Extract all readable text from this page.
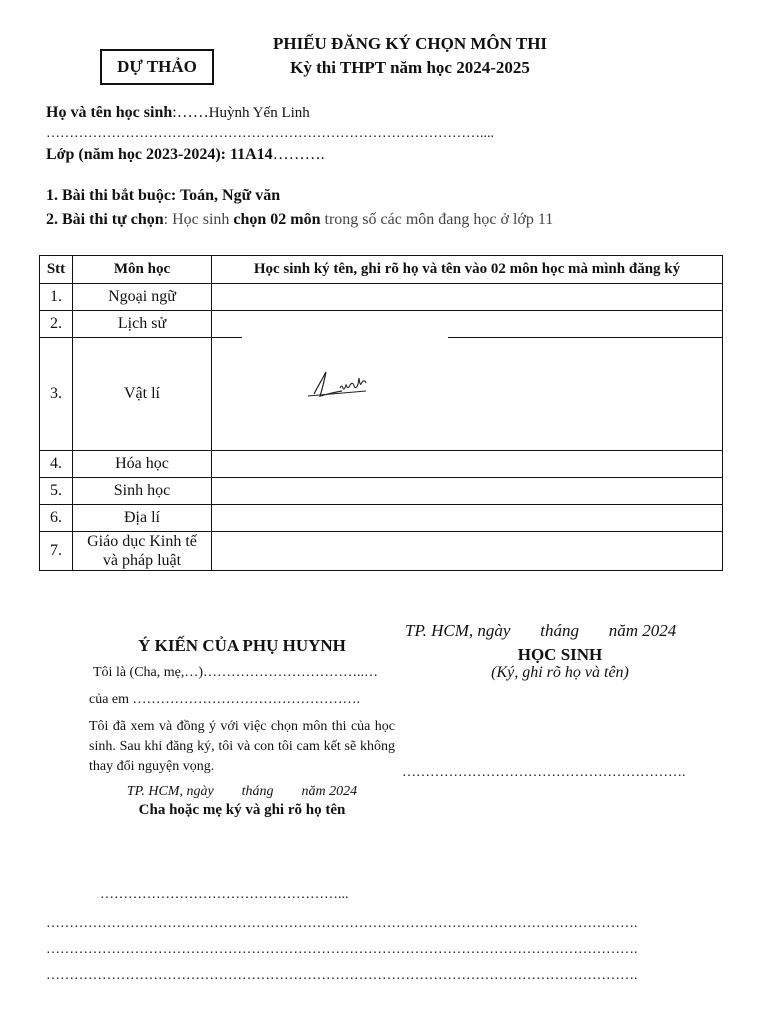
DỰ THẢO
PHIẾU ĐĂNG KÝ CHỌN MÔN THI
Kỳ thi THPT năm học 2024-2025
Họ và tên học sinh:……Huỳnh Yến Linh
…………………………………………………………………………………....
Lớp (năm học 2023-2024): 11A14……….
1. Bài thi bắt buộc: Toán, Ngữ văn
2. Bài thi tự chọn: Học sinh chọn 02 môn trong số các môn đang học ở lớp 11
Stt	Môn học	Học sinh ký tên, ghi rõ họ và tên vào 02 môn học mà mình đăng ký
1.	Ngoại ngữ	
2.	Lịch sử	
3.	Vật lí	

4.	Hóa học	
5.	Sinh học	
6.	Địa lí	
7.	Giáo dục Kinh tế và pháp luật	
Ý KIẾN CỦA PHỤ HUYNH
Tôi là (Cha, mẹ,…)……………………………..…
của em ………………………………………….
Tôi đã xem và đồng ý với việc chọn môn thi của học sinh. Sau khi đăng ký, tôi và con tôi cam kết sẽ không thay đổi nguyện vọng.
TP. HCM, ngày        tháng        năm 2024
Cha hoặc mẹ ký và ghi rõ họ tên
……………………………………………...
TP. HCM, ngày       tháng       năm 2024
HỌC SINH
(Ký, ghi rõ họ và tên)
…………………………………………………….
……………………………………………………………………………………………………………….
……………………………………………………………………………………………………………….
……………………………………………………………………………………………………………….
